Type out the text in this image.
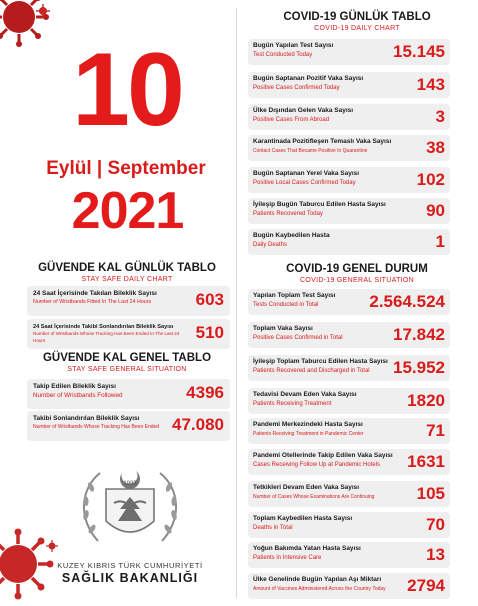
10
Eylül | September
2021
GÜVENDE KAL GÜNLÜK TABLO
STAY SAFE DAILY CHART
24 Saat İçerisinde Takılan Bileklik Sayısı
Number of Wristbands Fitted In The Last 24 Hours	603
24 Saat İçerisinde Takibi Sonlandırılan Bileklik Sayısı
Number of Wristbands Whose Tracking Has Been Ended In The Last 24 Hours	510
GÜVENDE KAL GENEL TABLO
STAY SAFE GENERAL SITUATION
Takip Edilen Bileklik Sayısı
Number of Wristbands Followed	4396
Takibi Sonlandırılan Bileklik Sayısı
Number of Wristbands Whose Tracking Has Been Ended 47.080
1983
KUZEY KIBRIS TÜRK CUMHURİYETİ
SAĞLIK BAKANLIĞI
COVID-19 GÜNLÜK TABLO
COVID-19 DAILY CHART
Bugün Yapılan Test Sayısı
Test Conducted Today	15.145
Bugün Saptanan Pozitif Vaka Sayısı
Positive Cases Confirmed Today	143
Ülke Dışından Gelen Vaka Sayısı
Positive Cases From Abroad	3
Karantinada Pozitifleşen Temaslı Vaka Sayısı
Contact Cases That Became Positive In Quarantine	38
Bugün Saptanan Yerel Vaka Sayısı
Positive Local Cases Confirmed Today	102
İyileşip Bugün Taburcu Edilen Hasta Sayısı
Patients Recovered Today	90
Bugün Kaybedilen Hasta
Daily Deaths	1
COVID-19 GENEL DURUM
COVID-19 GENERAL SITUATION
Yapılan Toplam Test Sayısı
Tests Conducted in Total	2.564.524
Toplam Vaka Sayısı
Positive Cases Confirmed in Total	17.842
İyileşip Toplam Taburcu Edilen Hasta Sayısı
Patients Recovered and Discharged in Total	15.952
Tedavisi Devam Eden Vaka Sayısı
Patients Receiving Treatment	1820
Pandemi Merkezindeki Hasta Sayısı
Patients Receiving Treatment in Pandemic Center	71
Pandemi Otellerinde Takip Edilen Vaka Sayısı
Cases Receiving Follow Up at Pandemic Hotels	1631
Tetkikleri Devam Eden Vaka Sayısı
Number of Cases Whose Examinations Are Continuing	105
Toplam Kaybedilen Hasta Sayısı
Deaths in Total	70
Yoğun Bakımda Yatan Hasta Sayısı
Patients in Intensive Care	13
Ülke Genelinde Bugün Yapılan Aşı Miktarı
Amount of Vaccines Administered Across the Country Today	2794
